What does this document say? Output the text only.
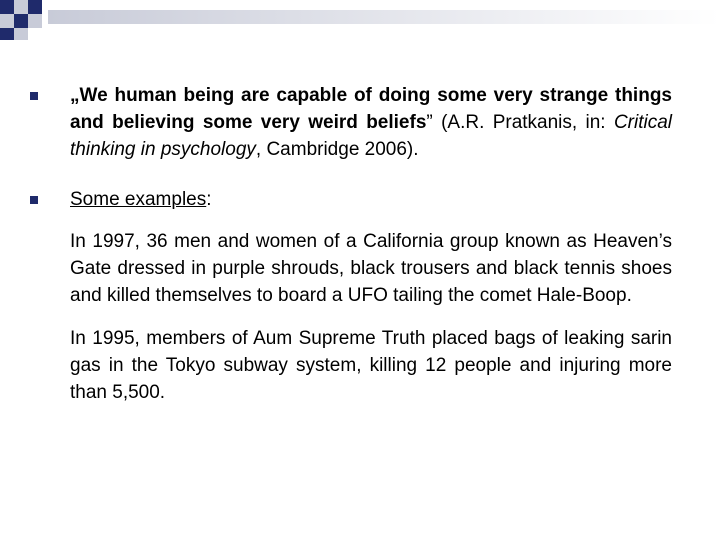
„We human being are capable of doing some very strange things and believing some very weird beliefs” (A.R. Pratkanis, in: Critical thinking in psychology, Cambridge 2006).

Some examples:

In 1997, 36 men and women of a California group known as Heaven’s Gate dressed in purple shrouds, black trousers and black tennis shoes and killed themselves to board a UFO tailing the comet Hale-Boop.

In 1995, members of Aum Supreme Truth placed bags of leaking sarin gas in the Tokyo subway system, killing 12 people and injuring more than 5,500.
